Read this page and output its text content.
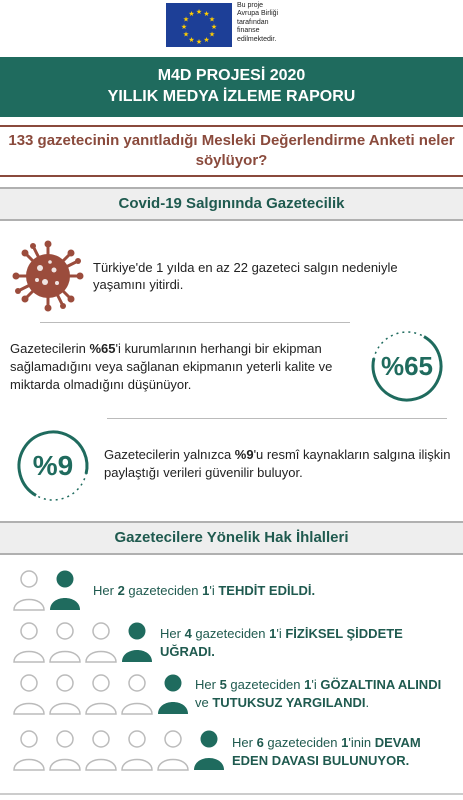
★ ★
★
★
★
★
★
★
★
★
★
★
Bu proje
Avrupa Birliği
tarafından
finanse
edilmektedir.
M4D PROJESİ 2020
YILLIK MEDYA İZLEME RAPORU
133 gazetecinin yanıtladığı Mesleki Değerlendirme Anketi neler söylüyor?
Covid-19 Salgınında Gazetecilik
Türkiye'de 1 yılda en az 22 gazeteci salgın nedeniyle yaşamını yitirdi.
Gazetecilerin %65'i kurumlarının herhangi bir ekipman sağlamadığını veya sağlanan ekipmanın yeterli kalite ve miktarda olmadığını düşünüyor.
%65
%9	Gazetecilerin yalnızca %9'u resmî kaynakların salgına ilişkin paylaştığı verileri güvenilir buluyor.
Gazetecilere Yönelik Hak İhlalleri
Her 2 gazeteciden 1'i TEHDİT EDİLDİ.
Her 4 gazeteciden 1'i FİZİKSEL ŞİDDETE UĞRADI.
Her 5 gazeteciden 1'i GÖZALTINA ALINDI ve TUTUKSUZ YARGILANDI.
Her 6 gazeteciden 1'inin DEVAM EDEN DAVASI BULUNUYOR.
